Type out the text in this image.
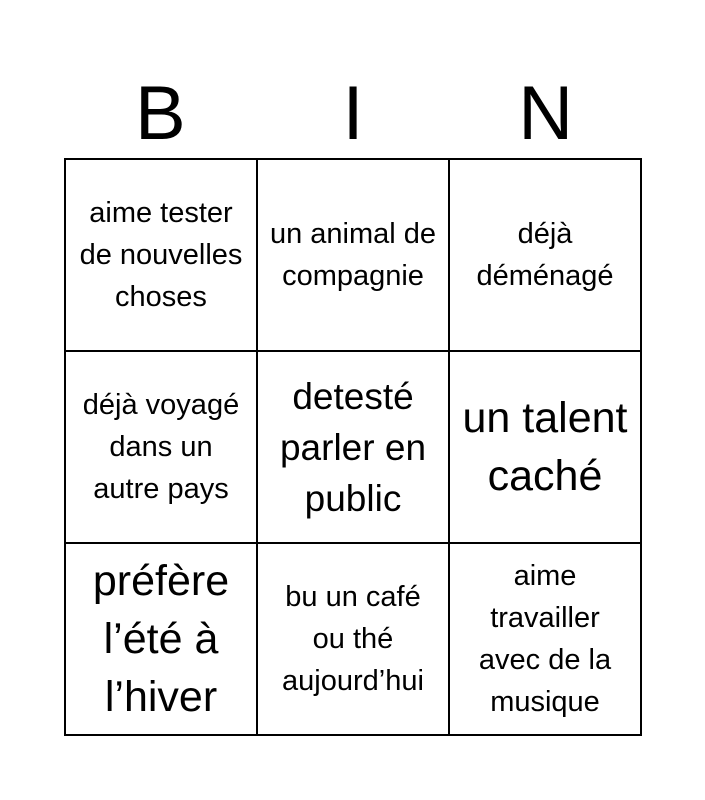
B	I	N
aime tester de nouvelles choses
un animal de compagnie
déjà déménagé
déjà voyagé dans un autre pays
detesté parler en public
un talent caché
préfère l’été à l’hiver
bu un café ou thé aujourd’hui
aime travailler avec de la musique
